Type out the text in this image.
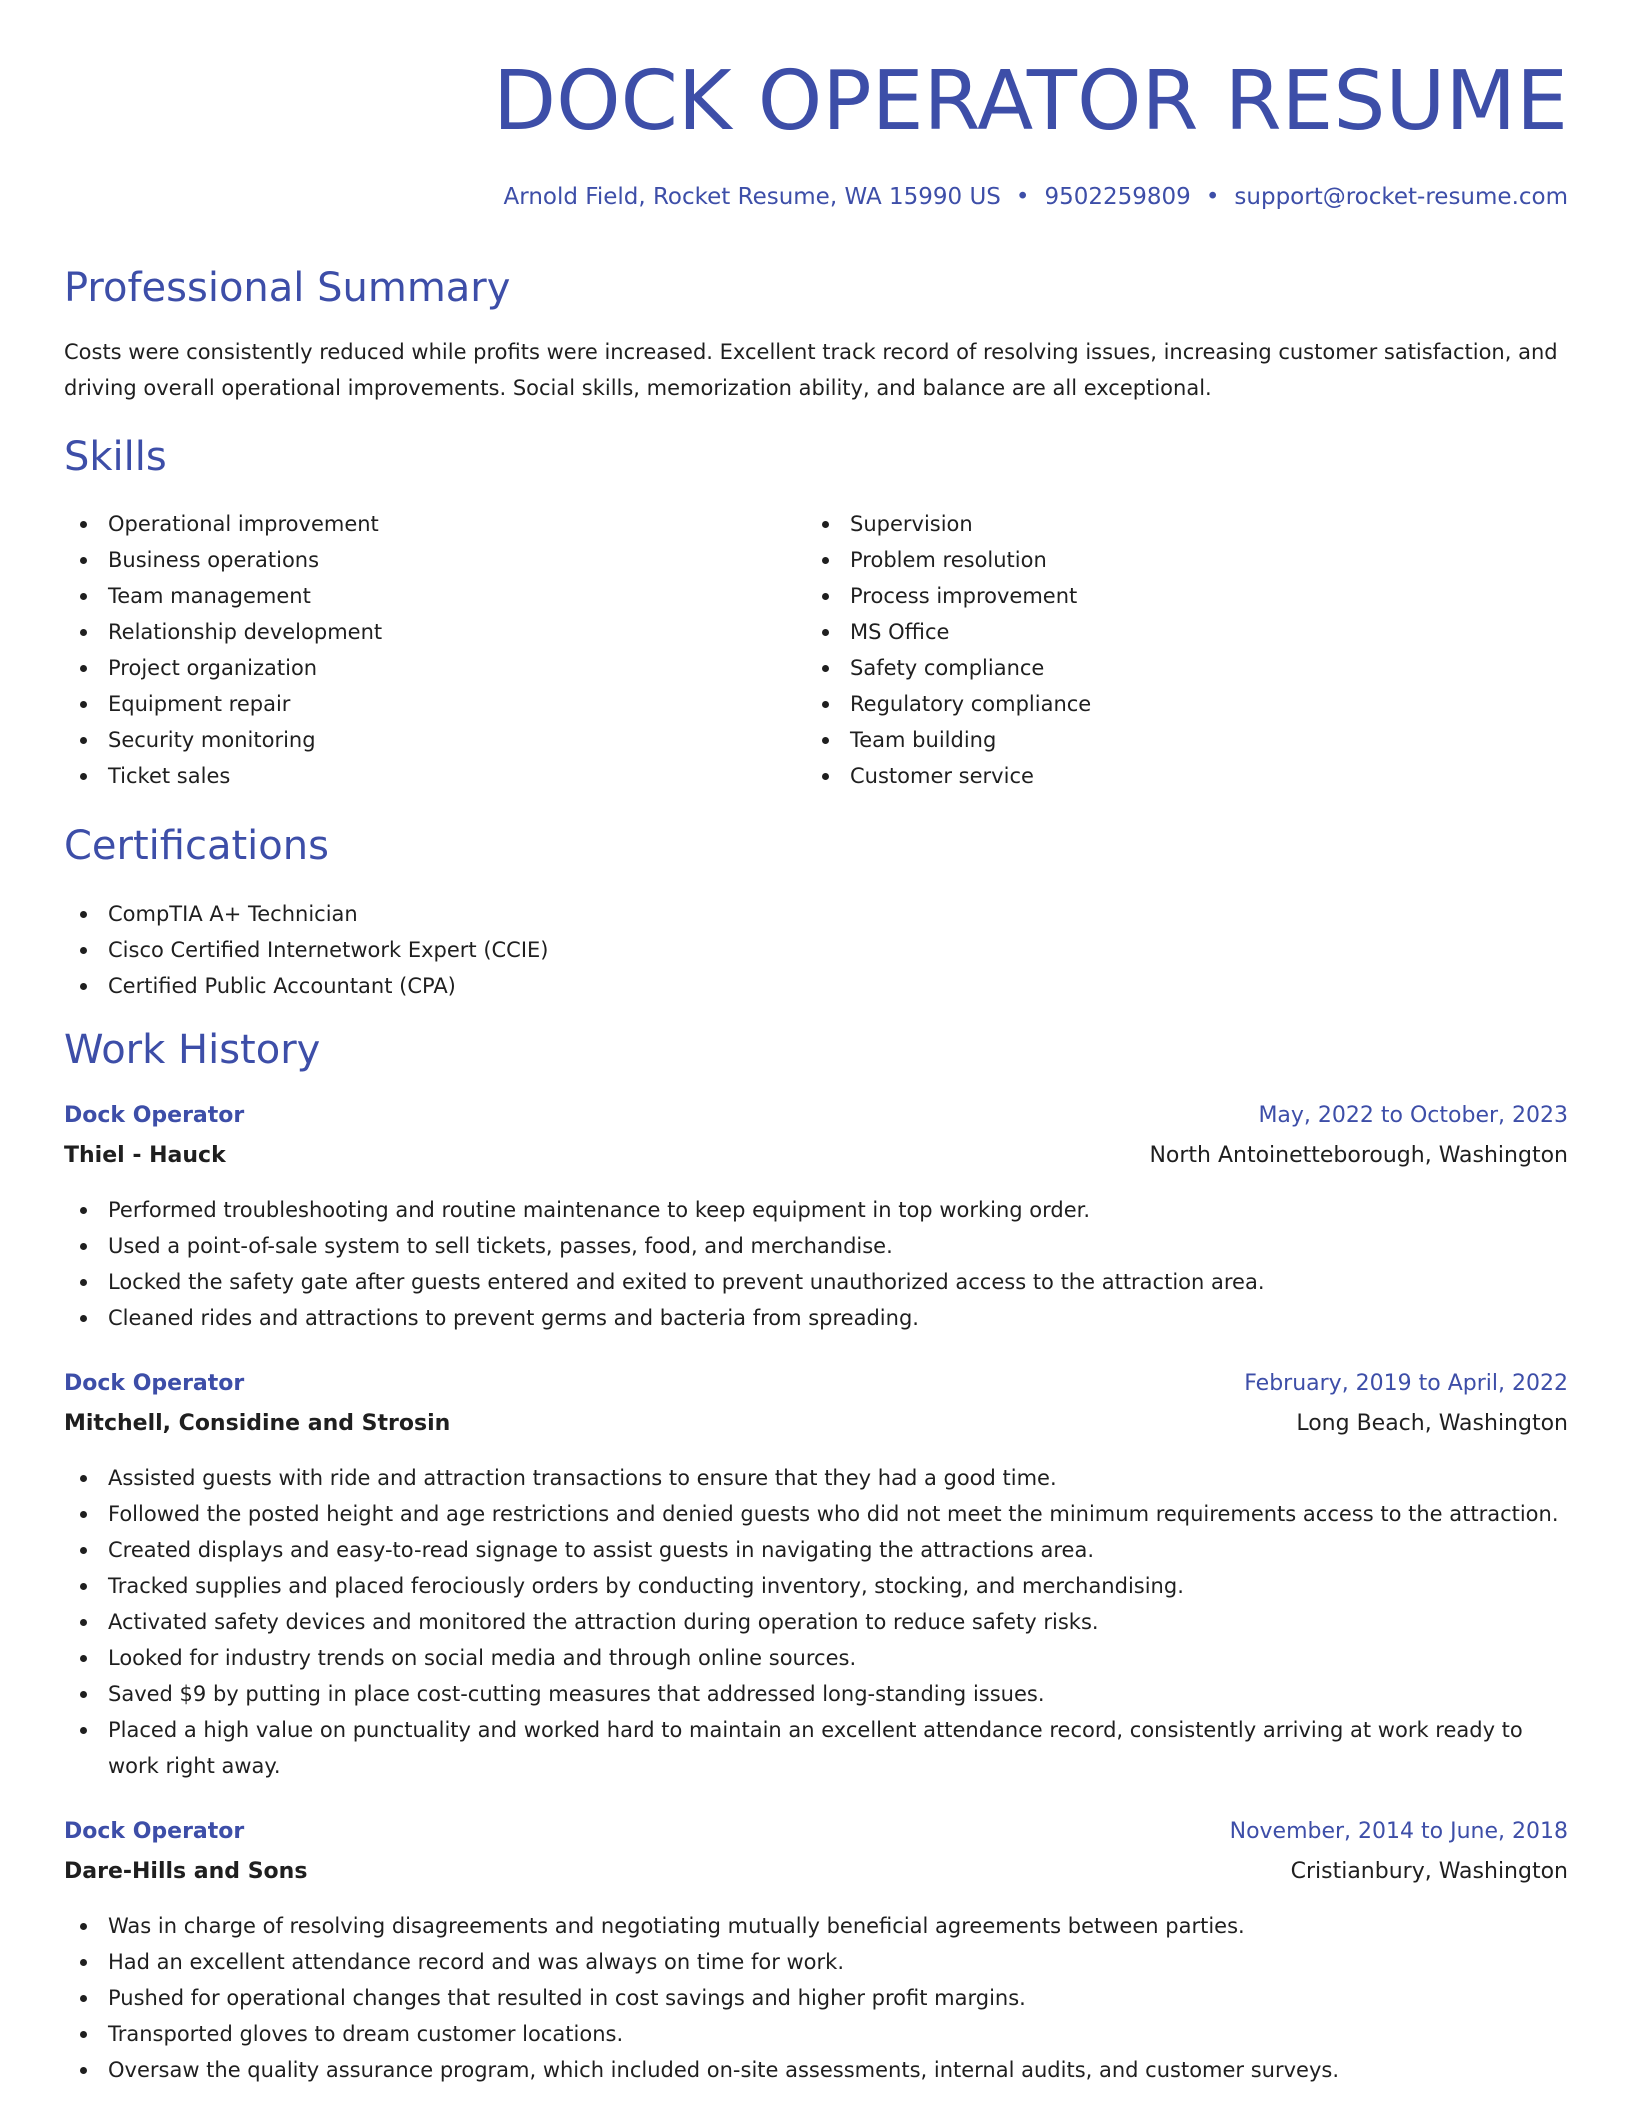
DOCK OPERATOR RESUME
Arnold Field, Rocket Resume, WA 15990 US • 9502259809 • support@rocket-resume.com
Professional Summary

Costs were consistently reduced while profits were increased. Excellent track record of resolving issues, increasing customer satisfaction, and driving overall operational improvements. Social skills, memorization ability, and balance are all exceptional.

Skills
Operational improvement
Business operations
Team management
Relationship development
Project organization
Equipment repair
Security monitoring
Ticket sales
Supervision
Problem resolution
Process improvement
MS Office
Safety compliance
Regulatory compliance
Team building
Customer service
Certifications
CompTIA A+ Technician
Cisco Certified Internetwork Expert (CCIE)
Certified Public Accountant (CPA)
Work History
Dock Operator	May, 2022 to October, 2023
Thiel - Hauck	North Antoinetteborough, Washington
Performed troubleshooting and routine maintenance to keep equipment in top working order.
Used a point-of-sale system to sell tickets, passes, food, and merchandise.
Locked the safety gate after guests entered and exited to prevent unauthorized access to the attraction area.
Cleaned rides and attractions to prevent germs and bacteria from spreading.
Dock Operator	February, 2019 to April, 2022
Mitchell, Considine and Strosin	Long Beach, Washington
Assisted guests with ride and attraction transactions to ensure that they had a good time.
Followed the posted height and age restrictions and denied guests who did not meet the minimum requirements access to the attraction.
Created displays and easy-to-read signage to assist guests in navigating the attractions area.
Tracked supplies and placed ferociously orders by conducting inventory, stocking, and merchandising.
Activated safety devices and monitored the attraction during operation to reduce safety risks.
Looked for industry trends on social media and through online sources.
Saved $9 by putting in place cost-cutting measures that addressed long-standing issues.
Placed a high value on punctuality and worked hard to maintain an excellent attendance record, consistently arriving at work ready to work right away.
Dock Operator	November, 2014 to June, 2018
Dare-Hills and Sons	Cristianbury, Washington
Was in charge of resolving disagreements and negotiating mutually beneficial agreements between parties.
Had an excellent attendance record and was always on time for work.
Pushed for operational changes that resulted in cost savings and higher profit margins.
Transported gloves to dream customer locations.
Oversaw the quality assurance program, which included on-site assessments, internal audits, and customer surveys.
